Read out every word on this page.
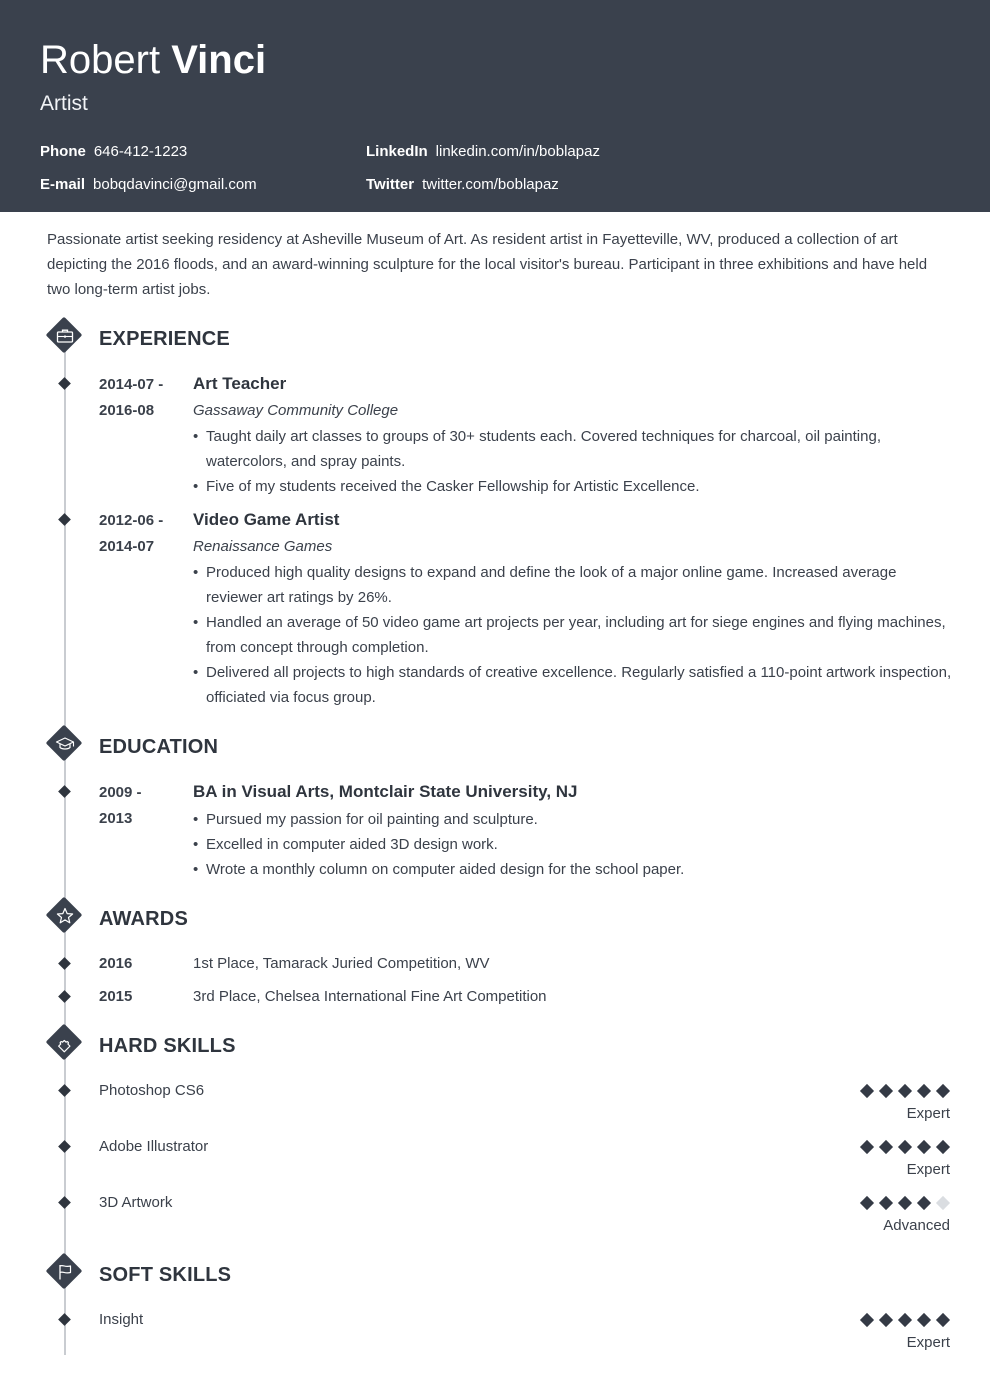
Robert Vinci
Artist
Phone 646-412-1223	LinkedIn linkedin.com/in/boblapaz
E-mail bobqdavinci@gmail.com	Twitter twitter.com/boblapaz
Passionate artist seeking residency at Asheville Museum of Art. As resident artist in Fayetteville, WV, produced a collection of art depicting the 2016 floods, and an award-winning sculpture for the local visitor's bureau. Participant in three exhibitions and have held two long-term artist jobs.
EXPERIENCE
2014-07 -
2016-08
Art Teacher
Gassaway Community College
• Taught daily art classes to groups of 30+ students each. Covered techniques for charcoal, oil painting, watercolors, and spray paints.
• Five of my students received the Casker Fellowship for Artistic Excellence.
2012-06 -
2014-07
Video Game Artist
Renaissance Games
• Produced high quality designs to expand and define the look of a major online game. Increased average reviewer art ratings by 26%.
• Handled an average of 50 video game art projects per year, including art for siege engines and flying machines, from concept through completion.
• Delivered all projects to high standards of creative excellence. Regularly satisfied a 110-point artwork inspection, officiated via focus group.
EDUCATION
2009 -
2013
BA in Visual Arts, Montclair State University, NJ
• Pursued my passion for oil painting and sculpture.
• Excelled in computer aided 3D design work.
• Wrote a monthly column on computer aided design for the school paper.
AWARDS
2016	1st Place, Tamarack Juried Competition, WV
2015	3rd Place, Chelsea International Fine Art Competition
HARD SKILLS
Photoshop CS6
Expert
Adobe Illustrator
Expert
3D Artwork
Advanced
SOFT SKILLS
Insight
Expert
